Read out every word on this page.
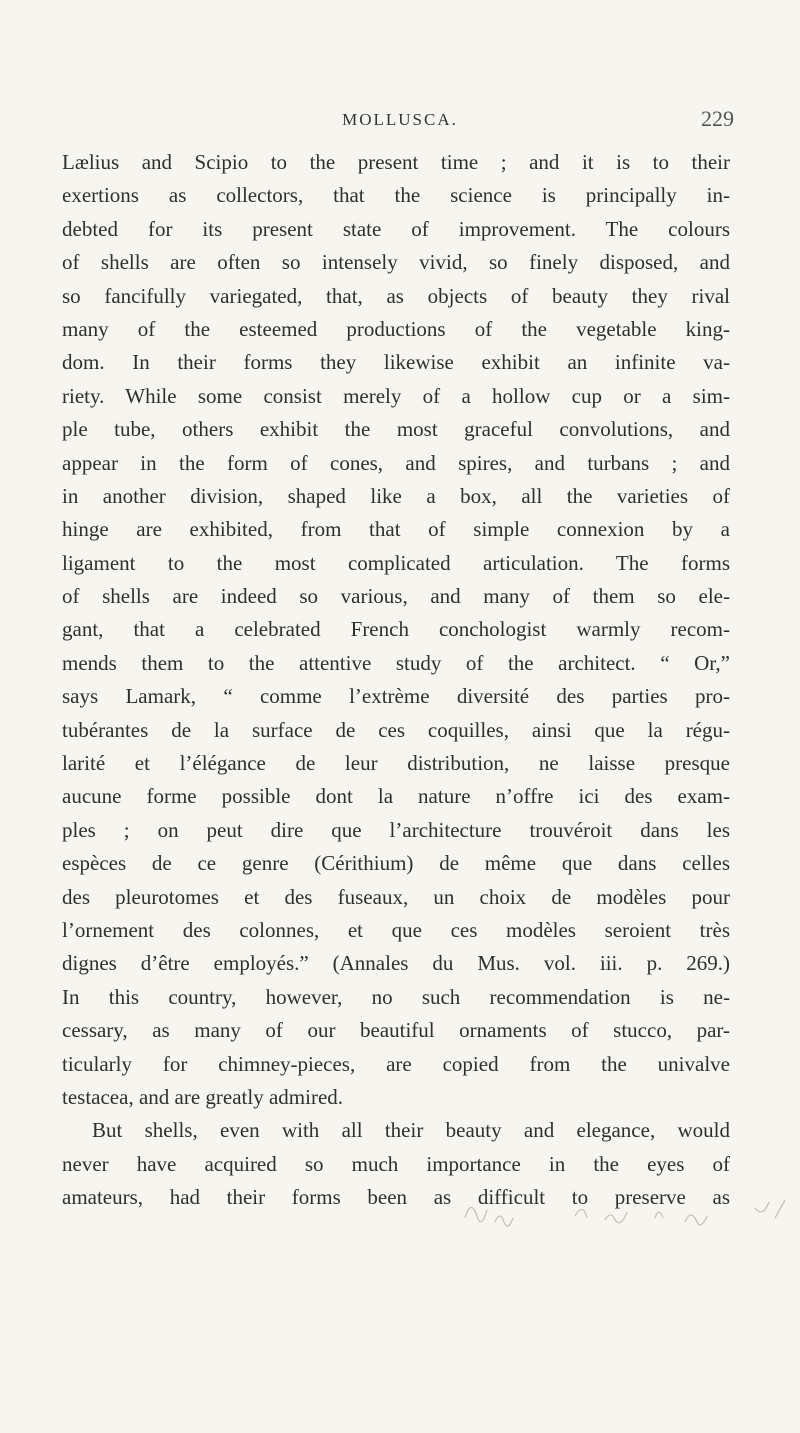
MOLLUSCA.	229
Lælius and Scipio to the present time ; and it is to their
exertions as collectors, that the science is principally in-
debted for its present state of improvement. The colours
of shells are often so intensely vivid, so finely disposed, and
so fancifully variegated, that, as objects of beauty they rival
many of the esteemed productions of the vegetable king-
dom. In their forms they likewise exhibit an infinite va-
riety. While some consist merely of a hollow cup or a sim-
ple tube, others exhibit the most graceful convolutions, and
appear in the form of cones, and spires, and turbans ; and
in another division, shaped like a box, all the varieties of
hinge are exhibited, from that of simple connexion by a
ligament to the most complicated articulation. The forms
of shells are indeed so various, and many of them so ele-
gant, that a celebrated French conchologist warmly recom-
mends them to the attentive study of the architect. “ Or,”
says Lamark, “ comme l’extrème diversité des parties pro-
tubérantes de la surface de ces coquilles, ainsi que la régu-
larité et l’élégance de leur distribution, ne laisse presque
aucune forme possible dont la nature n’offre ici des exam-
ples ; on peut dire que l’architecture trouvéroit dans les
espèces de ce genre (Cérithium) de même que dans celles
des pleurotomes et des fuseaux, un choix de modèles pour
l’ornement des colonnes, et que ces modèles seroient très
dignes d’être employés.” (Annales du Mus. vol. iii. p. 269.)
In this country, however, no such recommendation is ne-
cessary, as many of our beautiful ornaments of stucco, par-
ticularly for chimney-pieces, are copied from the univalve
testacea, and are greatly admired.
But shells, even with all their beauty and elegance, would
never have acquired so much importance in the eyes of
amateurs, had their forms been as difficult to preserve as
